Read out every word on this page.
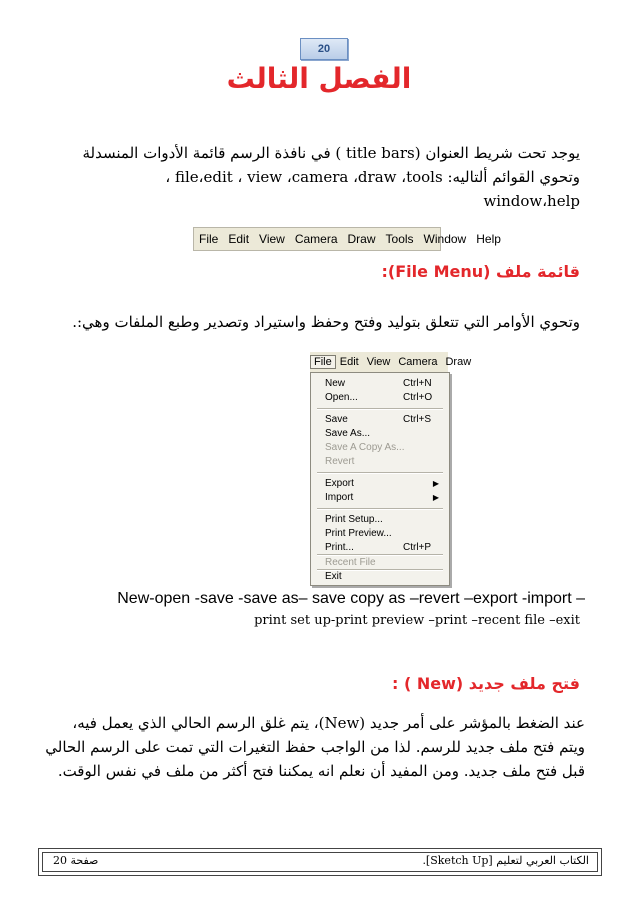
20
الفصل الثالث
يوجد تحت شريط العنوان (title bars ) في نافذة الرسم قائمة الأدوات المنسدلة
وتحوي القوائم ألتاليه: file،edit ، view ،camera ،draw ،tools ،
window،help
File Edit View Camera Draw Tools Window Help
قائمة ملف (File Menu):
وتحوي الأوامر التي تتعلق بتوليد وفتح وحفظ واستيراد وتصدير وطبع الملفات وهي:.
File Edit View Camera Draw
New	Ctrl+N
Open...	Ctrl+O
Save	Ctrl+S
Save As...
Save A Copy As...
Revert
Export	▶
Import	▶
Print Setup...
Print Preview...
Print...	Ctrl+P
Recent File
Exit
New-open -save -save as– save copy as –revert –export -import –
print set up-print preview –print –recent file –exit
فتح ملف جديد (New ) :
عند الضغط بالمؤشر على أمر جديد (New)، يتم غلق الرسم الحالي الذي يعمل فيه،
ويتم فتح ملف جديد للرسم. لذا من الواجب حفظ التغيرات التي تمت على الرسم الحالي
قبل فتح ملف جديد. ومن المفيد أن نعلم انه يمكننا فتح أكثر من ملف في نفس الوقت.
الكتاب العربي لتعليم [Sketch Up].
صفحة 20
